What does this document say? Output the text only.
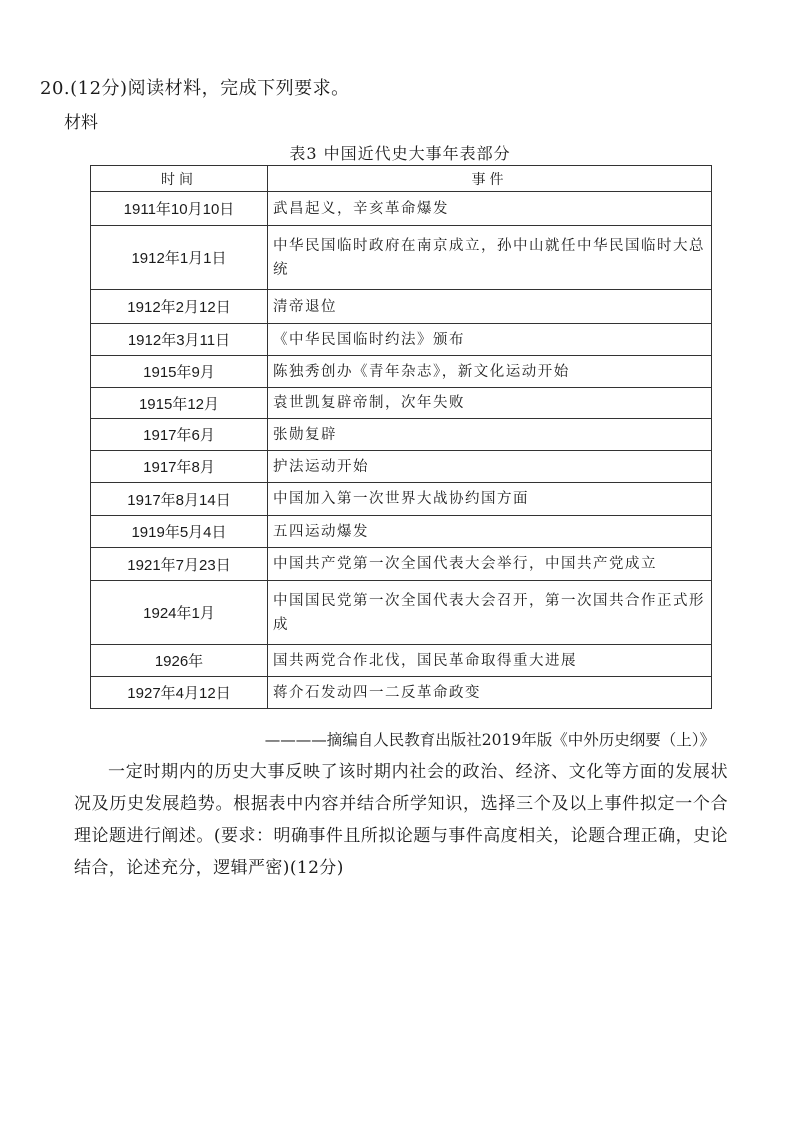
20.(12分)阅读材料，完成下列要求。
材料
表3 中国近代史大事年表部分
时间	事件
1911年10月10日	武昌起义，辛亥革命爆发
1912年1月1日	中华民国临时政府在南京成立，孙中山就任中华民国临时大总统
1912年2月12日	清帝退位
1912年3月11日	《中华民国临时约法》颁布
1915年9月	陈独秀创办《青年杂志》，新文化运动开始
1915年12月	袁世凯复辟帝制，次年失败
1917年6月	张勋复辟
1917年8月	护法运动开始
1917年8月14日	中国加入第一次世界大战协约国方面
1919年5月4日	五四运动爆发
1921年7月23日	中国共产党第一次全国代表大会举行，中国共产党成立
1924年1月	中国国民党第一次全国代表大会召开，第一次国共合作正式形成
1926年	国共两党合作北伐，国民革命取得重大进展
1927年4月12日	蒋介石发动四一二反革命政变
————摘编自人民教育出版社2019年版《中外历史纲要（上）》

一定时期内的历史大事反映了该时期内社会的政治、经济、文化等方面的发展状况及历史发展趋势。根据表中内容并结合所学知识，选择三个及以上事件拟定一个合理论题进行阐述。(要求：明确事件且所拟论题与事件高度相关，论题合理正确，史论结合，论述充分，逻辑严密)(12分)
